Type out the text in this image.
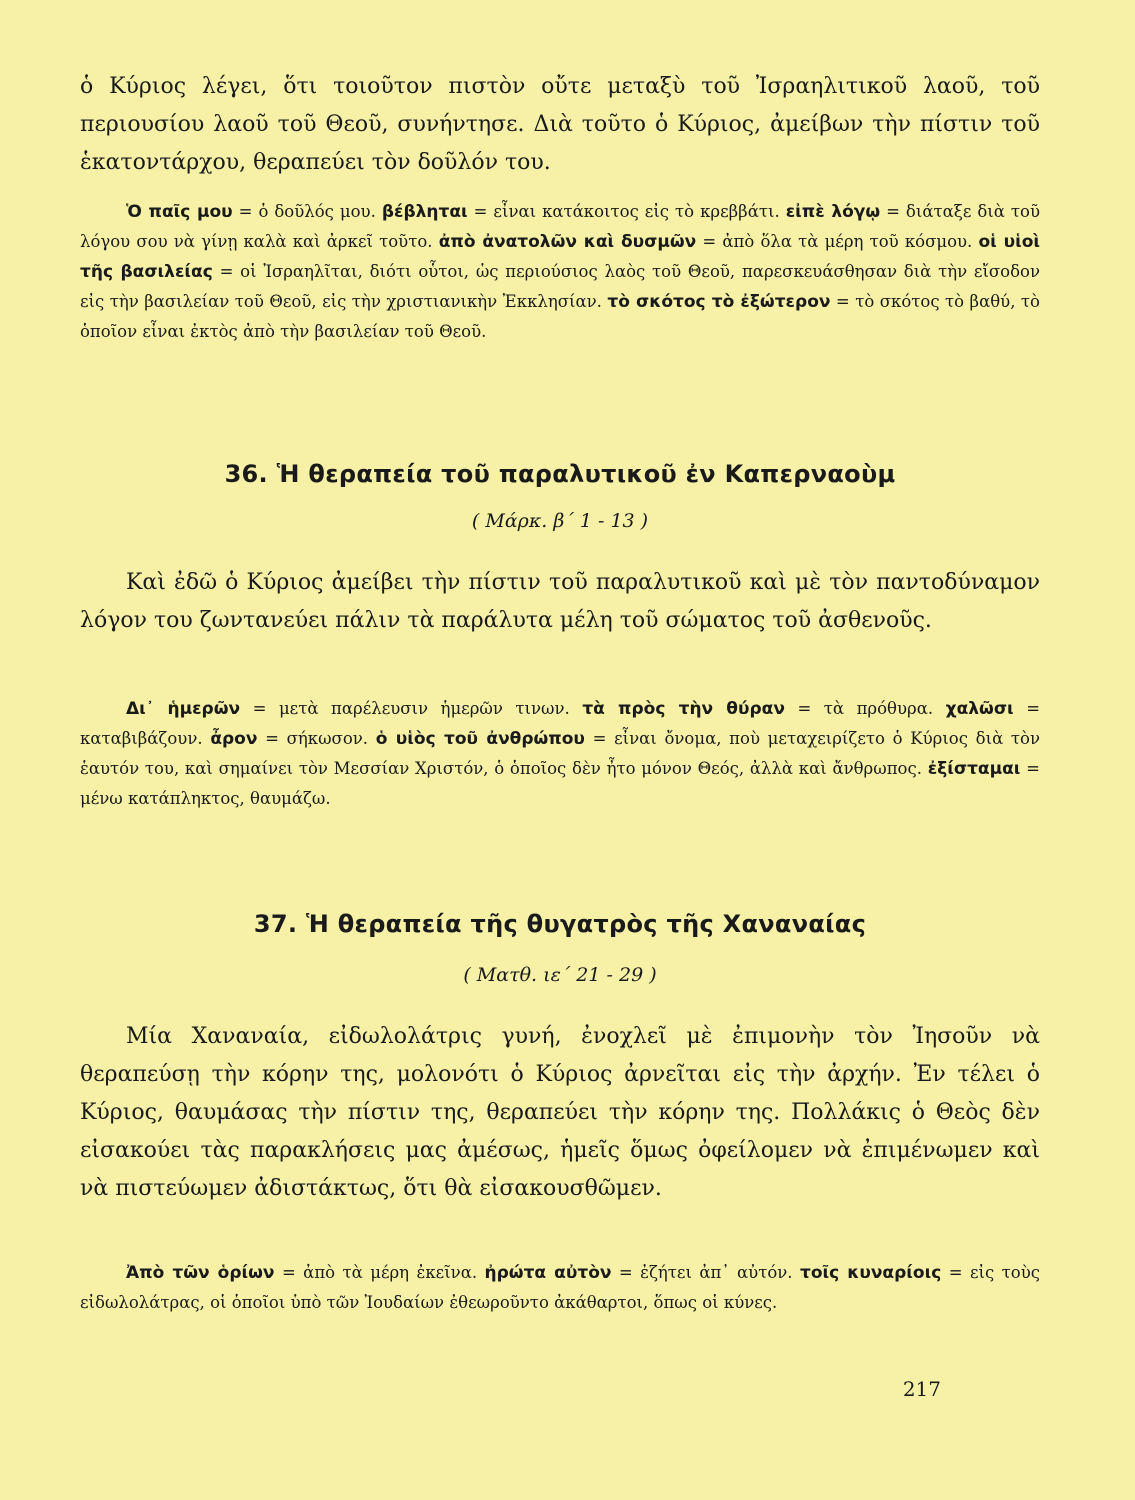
ὁ Κύριος λέγει, ὅτι τοιοῦτον πιστὸν οὔτε μεταξὺ τοῦ Ἰσραηλιτικοῦ λαοῦ, τοῦ περιουσίου λαοῦ τοῦ Θεοῦ, συνήντησε. Διὰ τοῦτο ὁ Κύριος, ἀμείβων τὴν πίστιν τοῦ ἑκατοντάρχου, θεραπεύει τὸν δοῦλόν του.
Ὁ παῖς μου = ὁ δοῦλός μου. βέβληται = εἶναι κατάκοιτος εἰς τὸ κρεββάτι. εἰπὲ λόγῳ = διάταξε διὰ τοῦ λόγου σου νὰ γίνῃ καλὰ καὶ ἀρκεῖ τοῦτο. ἀπὸ ἀνατολῶν καὶ δυσμῶν = ἀπὸ ὅλα τὰ μέρη τοῦ κόσμου. οἱ υἱοὶ τῆς βασιλείας = οἱ Ἰσραηλῖται, διότι οὗτοι, ὡς περιούσιος λαὸς τοῦ Θεοῦ, παρεσκευάσθησαν διὰ τὴν εἴσοδον εἰς τὴν βασιλείαν τοῦ Θεοῦ, εἰς τὴν χριστιανικὴν Ἐκκλησίαν. τὸ σκότος τὸ ἐξώτερον = τὸ σκότος τὸ βαθύ, τὸ ὁποῖον εἶναι ἐκτὸς ἀπὸ τὴν βασιλείαν τοῦ Θεοῦ.
36. Ἡ θεραπεία τοῦ παραλυτικοῦ ἐν Καπερναοὺμ
( Μάρκ. β΄ 1 - 13 )
Καὶ ἐδῶ ὁ Κύριος ἀμείβει τὴν πίστιν τοῦ παραλυτικοῦ καὶ μὲ τὸν παντοδύναμον λόγον του ζωντανεύει πάλιν τὰ παράλυτα μέλη τοῦ σώματος τοῦ ἀσθενοῦς.
Δι᾿ ἡμερῶν = μετὰ παρέλευσιν ἡμερῶν τινων. τὰ πρὸς τὴν θύραν = τὰ πρόθυρα. χαλῶσι = καταβιβάζουν. ἆρον = σήκωσον. ὁ υἱὸς τοῦ ἀνθρώπου = εἶναι ὄνομα, ποὺ μεταχειρίζετο ὁ Κύριος διὰ τὸν ἑαυτόν του, καὶ σημαίνει τὸν Μεσσίαν Χριστόν, ὁ ὁποῖος δὲν ἦτο μόνον Θεός, ἀλλὰ καὶ ἄνθρωπος. ἐξίσταμαι = μένω κατάπληκτος, θαυμάζω.
37. Ἡ θεραπεία τῆς θυγατρὸς τῆς Χαναναίας
( Ματθ. ιε΄ 21 - 29 )
Μία Χαναναία, εἰδωλολάτρις γυνή, ἐνοχλεῖ μὲ ἐπιμονὴν τὸν Ἰησοῦν νὰ θεραπεύσῃ τὴν κόρην της, μολονότι ὁ Κύριος ἀρνεῖται εἰς τὴν ἀρχήν. Ἐν τέλει ὁ Κύριος, θαυμάσας τὴν πίστιν της, θεραπεύει τὴν κόρην της. Πολλάκις ὁ Θεὸς δὲν εἰσακούει τὰς παρακλήσεις μας ἀμέσως, ἡμεῖς ὅμως ὀφείλομεν νὰ ἐπιμένωμεν καὶ νὰ πιστεύωμεν ἀδιστάκτως, ὅτι θὰ εἰσακουσθῶμεν.
Ἀπὸ τῶν ὁρίων = ἀπὸ τὰ μέρη ἐκεῖνα. ἠρώτα αὐτὸν = ἐζήτει ἀπ᾿ αὐτόν. τοῖς κυναρίοις = εἰς τοὺς εἰδωλολάτρας, οἱ ὁποῖοι ὑπὸ τῶν Ἰουδαίων ἐθεωροῦντο ἀκάθαρτοι, ὅπως οἱ κύνες.
217
